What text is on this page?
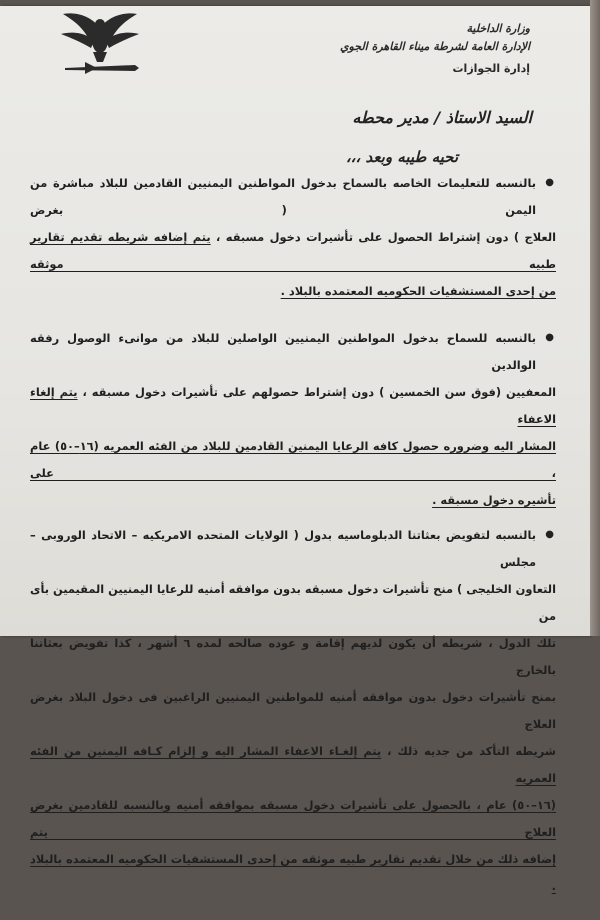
وزارة الداخلية
الإدارة العامة لشرطة ميناء القاهرة الجوي
إدارة الجوازات
السيد الاستاذ / مدير محطه
تحيه طيبه وبعد ،،،
●
بالنسبه للتعليمات الخاصه بالسماح بدخول المواطنين اليمنيين القادمين للبلاد مباشرة من اليمن ( بغرض
العلاج ) دون إشتراط الحصول على تأشيرات دخول مسبقه ، يتم إضافه شريطه تقديم تقارير طبيه موثقه
من إحدى المستشفيات الحكوميه المعتمده بالبلاد .
●
بالنسبه للسماح بدخول المواطنين اليمنيين الواصلين للبلاد من موانىء الوصول رفقه الوالدين
المعفيين (فوق سن الخمسين ) دون إشتراط حصولهم على تأشيرات دخول مسبقه ، يتم إلغاء الاعفاء
المشار اليه وضروره حصول كافه الرعايا اليمنين القادمين للبلاد من الفئه العمريه (١٦–٥٠) عام ، على
تأشيره دخول مسبقه .
●
بالنسبه لتفويض بعثاتنا الدبلوماسيه بدول ( الولايات المتحده الامريكيه – الاتحاد الوروبى – مجلس
التعاون الخليجى ) منح تأشيرات دخول مسبقه بدون موافقه أمنيه للرعايا اليمنيين المقيمين بأى من
تلك الدول ، شريطه أن يكون لديهم إقامة و عوده صالحه لمده ٦ أشهر ، كذا تفويض بعثاتنا بالخارج
بمنح تأشيرات دخول بدون موافقه أمنيه للمواطنين اليمنيين الراغبين فى دخول البلاد بغرض العلاج
شريطه التأكد من جديه ذلك ، يتم إلغـاء الاعفاء المشار اليه و إلزام كـافه اليمنين من الفئه العمريه
(١٦–٥٠) عام ، بالحصول على تأشيرات دخول مسبقه بموافقه أمنيه وبالنسبه للقادمين بغرض العلاج يتم
إضافه ذلك من خلال تقديم تقارير طبيه موثقه من إحدى المستشفيات الحكوميه المعتمده بالبلاد .
